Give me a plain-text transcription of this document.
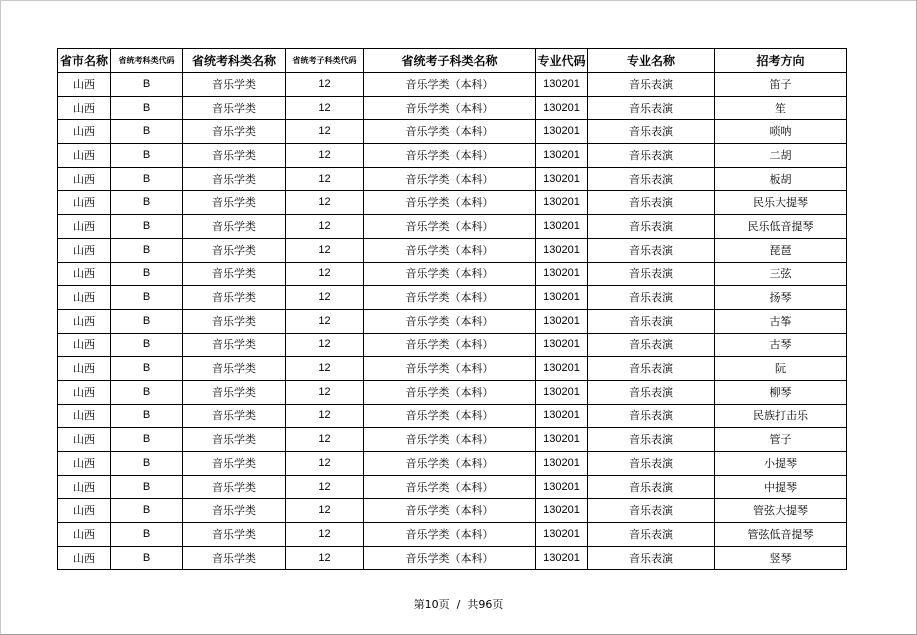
省市名称	省统考科类代码	省统考科类名称	省统考子科类代码	省统考子科类名称	专业代码	专业名称	招考方向
山西	B	音乐学类	12	音乐学类（本科）	130201	音乐表演	笛子
山西	B	音乐学类	12	音乐学类（本科）	130201	音乐表演	笙
山西	B	音乐学类	12	音乐学类（本科）	130201	音乐表演	唢呐
山西	B	音乐学类	12	音乐学类（本科）	130201	音乐表演	二胡
山西	B	音乐学类	12	音乐学类（本科）	130201	音乐表演	板胡
山西	B	音乐学类	12	音乐学类（本科）	130201	音乐表演	民乐大提琴
山西	B	音乐学类	12	音乐学类（本科）	130201	音乐表演	民乐低音提琴
山西	B	音乐学类	12	音乐学类（本科）	130201	音乐表演	琵琶
山西	B	音乐学类	12	音乐学类（本科）	130201	音乐表演	三弦
山西	B	音乐学类	12	音乐学类（本科）	130201	音乐表演	扬琴
山西	B	音乐学类	12	音乐学类（本科）	130201	音乐表演	古筝
山西	B	音乐学类	12	音乐学类（本科）	130201	音乐表演	古琴
山西	B	音乐学类	12	音乐学类（本科）	130201	音乐表演	阮
山西	B	音乐学类	12	音乐学类（本科）	130201	音乐表演	柳琴
山西	B	音乐学类	12	音乐学类（本科）	130201	音乐表演	民族打击乐
山西	B	音乐学类	12	音乐学类（本科）	130201	音乐表演	管子
山西	B	音乐学类	12	音乐学类（本科）	130201	音乐表演	小提琴
山西	B	音乐学类	12	音乐学类（本科）	130201	音乐表演	中提琴
山西	B	音乐学类	12	音乐学类（本科）	130201	音乐表演	管弦大提琴
山西	B	音乐学类	12	音乐学类（本科）	130201	音乐表演	管弦低音提琴
山西	B	音乐学类	12	音乐学类（本科）	130201	音乐表演	竖琴
第10页 / 共96页
